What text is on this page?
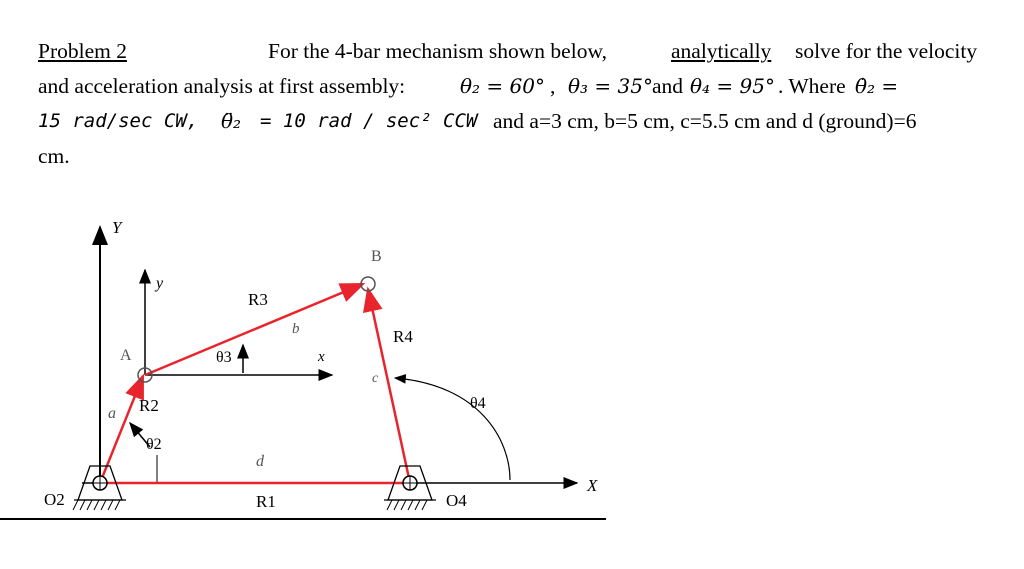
Problem 2	For the 4-bar mechanism shown below,	analytically solve for the velocity
and acceleration analysis at first assembly:	θ₂ = 60° , θ₃ = 35° and θ₄ = 95° . Where θ̇₂ =
15 rad/sec CW, θ̈₂ = 10 rad / sec² CCW and a=3 cm, b=5 cm, c=5.5 cm and d (ground)=6
cm.
Y
X
y
x
θ2
θ3
θ4
A
B
a
b
c
d
R2
R3
R4
R1
O2	O4
